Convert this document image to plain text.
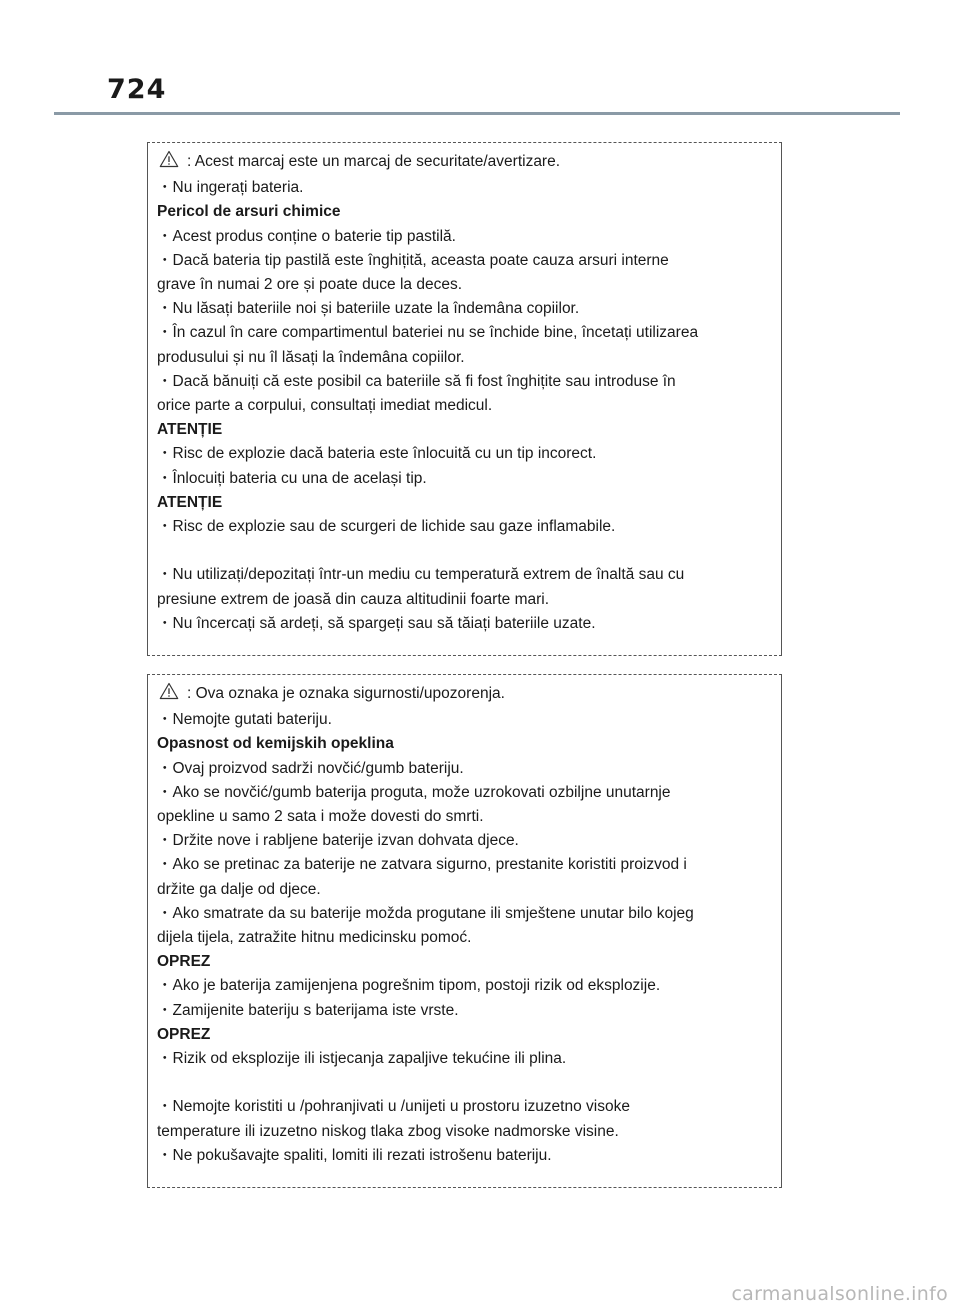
724
: Acest marcaj este un marcaj de securitate/avertizare.
・Nu ingerați bateria.
Pericol de arsuri chimice
・Acest produs conține o baterie tip pastilă.
・Dacă bateria tip pastilă este înghițită, aceasta poate cauza arsuri interne
grave în numai 2 ore și poate duce la deces.
・Nu lăsați bateriile noi și bateriile uzate la îndemâna copiilor.
・În cazul în care compartimentul bateriei nu se închide bine, încetați utilizarea
produsului și nu îl lăsați la îndemâna copiilor.
・Dacă bănuiți că este posibil ca bateriile să fi fost înghițite sau introduse în
orice parte a corpului, consultați imediat medicul.
ATENȚIE
・Risc de explozie dacă bateria este înlocuită cu un tip incorect.
・Înlocuiți bateria cu una de același tip.
ATENȚIE
・Risc de explozie sau de scurgeri de lichide sau gaze inflamabile.
・Nu utilizați/depozitați într-un mediu cu temperatură extrem de înaltă sau cu
presiune extrem de joasă din cauza altitudinii foarte mari.
・Nu încercați să ardeți, să spargeți sau să tăiați bateriile uzate.
: Ova oznaka je oznaka sigurnosti/upozorenja.
・Nemojte gutati bateriju.
Opasnost od kemijskih opeklina
・Ovaj proizvod sadrži novčić/gumb bateriju.
・Ako se novčić/gumb baterija proguta, može uzrokovati ozbiljne unutarnje
opekline u samo 2 sata i može dovesti do smrti.
・Držite nove i rabljene baterije izvan dohvata djece.
・Ako se pretinac za baterije ne zatvara sigurno, prestanite koristiti proizvod i
držite ga dalje od djece.
・Ako smatrate da su baterije možda progutane ili smještene unutar bilo kojeg
dijela tijela, zatražite hitnu medicinsku pomoć.
OPREZ
・Ako je baterija zamijenjena pogrešnim tipom, postoji rizik od eksplozije.
・Zamijenite bateriju s baterijama iste vrste.
OPREZ
・Rizik od eksplozije ili istjecanja zapaljive tekućine ili plina.
・Nemojte koristiti u /pohranjivati u /unijeti u prostoru izuzetno visoke
temperature ili izuzetno niskog tlaka zbog visoke nadmorske visine.
・Ne pokušavajte spaliti, lomiti ili rezati istrošenu bateriju.
carmanualsonline.info
